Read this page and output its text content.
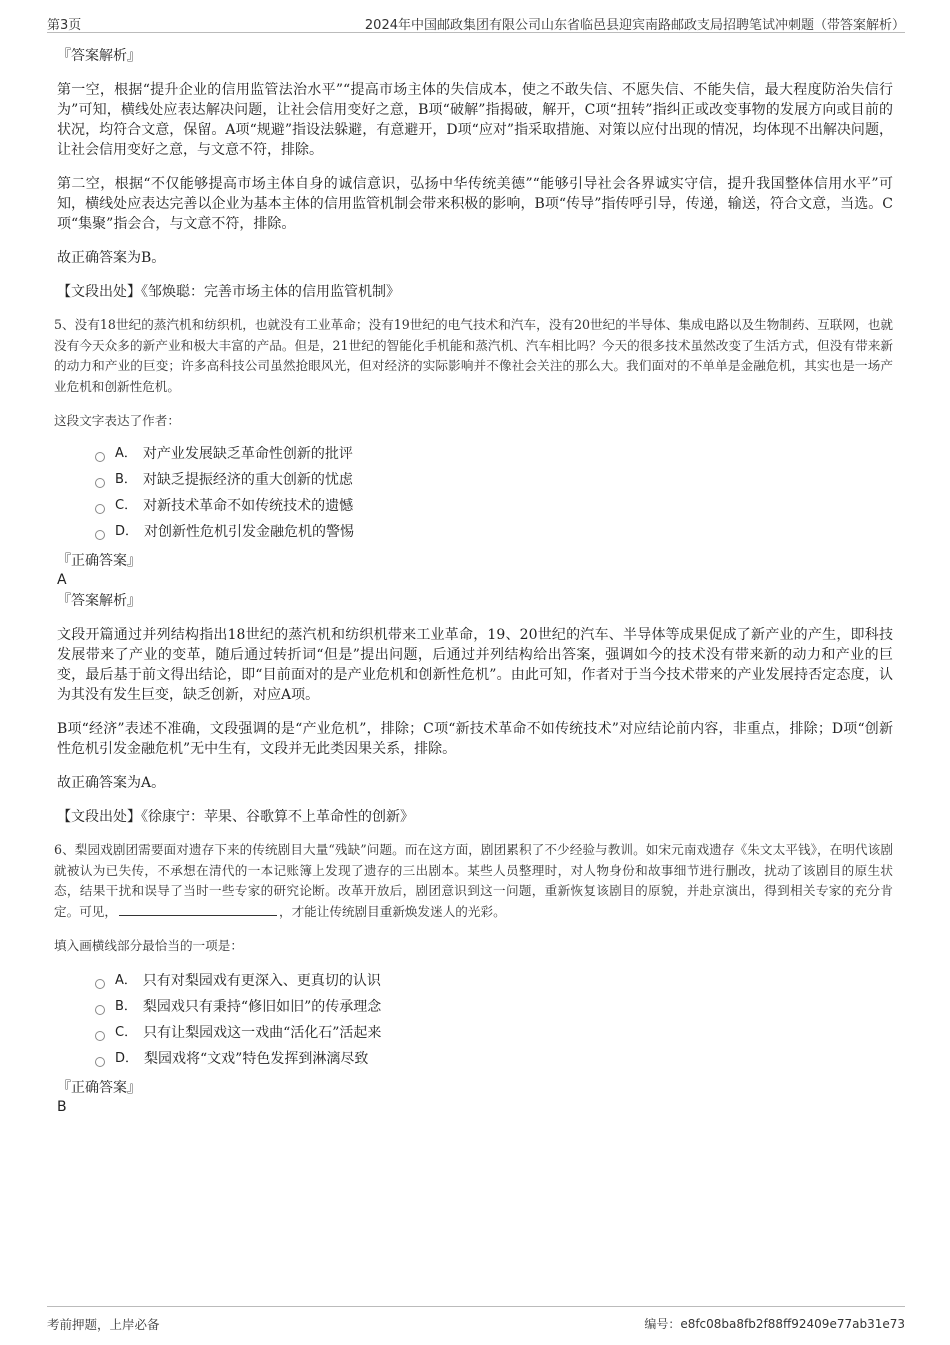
第3页	2024年中国邮政集团有限公司山东省临邑县迎宾南路邮政支局招聘笔试冲刺题（带答案解析）

『答案解析』

第一空，根据“提升企业的信用监管法治水平”“提高市场主体的失信成本，使之不敢失信、不愿失信、不能失信，最大程度防治失信行为”可知，横线处应表达解决问题，让社会信用变好之意，B项“破解”指揭破，解开，C项“扭转”指纠正或改变事物的发展方向或目前的状况，均符合文意，保留。A项“规避”指设法躲避，有意避开，D项“应对”指采取措施、对策以应付出现的情况，均体现不出解决问题，让社会信用变好之意，与文意不符，排除。

第二空，根据“不仅能够提高市场主体自身的诚信意识，弘扬中华传统美德”“能够引导社会各界诚实守信，提升我国整体信用水平”可知，横线处应表达完善以企业为基本主体的信用监管机制会带来积极的影响，B项“传导”指传呼引导，传递，输送，符合文意，当选。C项“集聚”指会合，与文意不符，排除。

故正确答案为B。

【文段出处】《邹焕聪：完善市场主体的信用监管机制》

5、没有18世纪的蒸汽机和纺织机，也就没有工业革命；没有19世纪的电气技术和汽车，没有20世纪的半导体、集成电路以及生物制药、互联网，也就没有今天众多的新产业和极大丰富的产品。但是，21世纪的智能化手机能和蒸汽机、汽车相比吗？今天的很多技术虽然改变了生活方式，但没有带来新的动力和产业的巨变；许多高科技公司虽然抢眼风光，但对经济的实际影响并不像社会关注的那么大。我们面对的不单单是金融危机，其实也是一场产业危机和创新性危机。

这段文字表达了作者：

A． 对产业发展缺乏革命性创新的批评
B． 对缺乏提振经济的重大创新的忧虑
C． 对新技术革命不如传统技术的遗憾
D． 对创新性危机引发金融危机的警惕

『正确答案』

A

『答案解析』

文段开篇通过并列结构指出18世纪的蒸汽机和纺织机带来工业革命，19、20世纪的汽车、半导体等成果促成了新产业的产生，即科技发展带来了产业的变革，随后通过转折词“但是”提出问题，后通过并列结构给出答案，强调如今的技术没有带来新的动力和产业的巨变，最后基于前文得出结论，即“目前面对的是产业危机和创新性危机”。由此可知，作者对于当今技术带来的产业发展持否定态度，认为其没有发生巨变，缺乏创新，对应A项。

B项“经济”表述不准确，文段强调的是“产业危机”，排除；C项“新技术革命不如传统技术”对应结论前内容，非重点，排除；D项“创新性危机引发金融危机”无中生有，文段并无此类因果关系，排除。

故正确答案为A。

【文段出处】《徐康宁：苹果、谷歌算不上革命性的创新》

6、梨园戏剧团需要面对遗存下来的传统剧目大量“残缺”问题。而在这方面，剧团累积了不少经验与教训。如宋元南戏遗存《朱文太平钱》，在明代该剧就被认为已失传，不承想在清代的一本记账簿上发现了遗存的三出剧本。某些人员整理时，对人物身份和故事细节进行删改，扰动了该剧目的原生状态，结果干扰和误导了当时一些专家的研究论断。改革开放后，剧团意识到这一问题，重新恢复该剧目的原貌，并赴京演出，得到相关专家的充分肯定。可见，	，才能让传统剧目重新焕发迷人的光彩。

填入画横线部分最恰当的一项是：

A． 只有对梨园戏有更深入、更真切的认识
B． 梨园戏只有秉持“修旧如旧”的传承理念
C． 只有让梨园戏这一戏曲“活化石”活起来
D． 梨园戏将“文戏”特色发挥到淋漓尽致

『正确答案』

B

考前押题，上岸必备	编号：e8fc08ba8fb2f88ff92409e77ab31e73
